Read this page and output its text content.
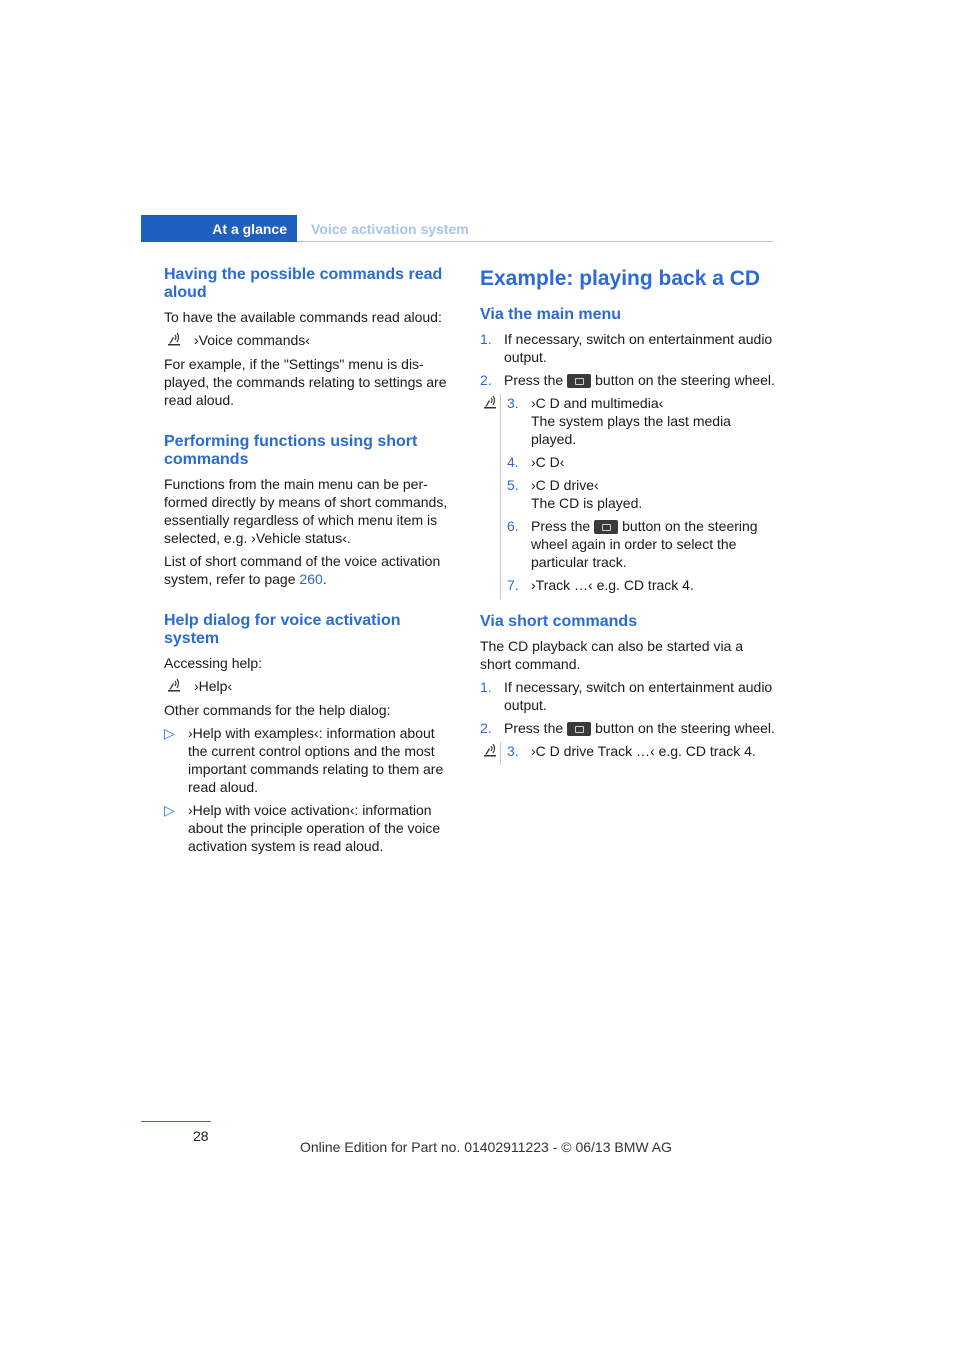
At a glance	Voice activation system
Having the possible commands read aloud

To have the available commands read aloud:

›Voice commands‹

For example, if the "Settings" menu is dis-played, the commands relating to settings are read aloud.

Performing functions using short commands

Functions from the main menu can be per-formed directly by means of short commands, essentially regardless of which menu item is selected, e.g. ›Vehicle status‹.

List of short command of the voice activation system, refer to page 260.

Help dialog for voice activation system

Accessing help:

›Help‹

Other commands for the help dialog:

▷ ›Help with examples‹: information about the current control options and the most important commands relating to them are read aloud.
▷ ›Help with voice activation‹: information about the principle operation of the voice activation system is read aloud.
Example: playing back a CD
Via the main menu
1. If necessary, switch on entertainment audio output.
2. Press the button on the steering wheel.
3. ›C D and multimedia‹
The system plays the last media played.
4. ›C D‹
5. ›C D drive‹
The CD is played.
6. Press the button on the steering wheel again in order to select the particular track.
7. ›Track …‹ e.g. CD track 4.
Via short commands

The CD playback can also be started via a short command.

1. If necessary, switch on entertainment audio output.
2. Press the button on the steering wheel.
3. ›C D drive Track …‹ e.g. CD track 4.
28
Online Edition for Part no. 01402911223 - © 06/13 BMW AG
